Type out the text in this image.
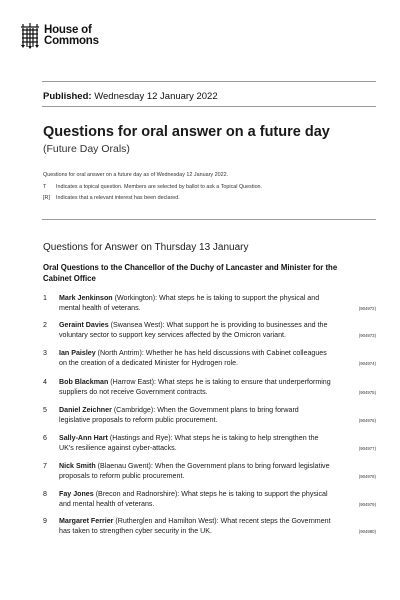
House of
Commons
Published: Wednesday 12 January 2022
Questions for oral answer on a future day
(Future Day Orals)
Questions for oral answer on a future day as of Wednesday 12 January 2022.
T Indicates a topical question. Members are selected by ballot to ask a Topical Question.
[R] Indicates that a relevant interest has been declared.
Questions for Answer on Thursday 13 January
Oral Questions to the Chancellor of the Duchy of Lancaster and Minister for the Cabinet Office
1	Mark Jenkinson (Workington): What steps he is taking to support the physical and mental health of veterans.	(904972)
2	Geraint Davies (Swansea West): What support he is providing to businesses and the voluntary sector to support key services affected by the Omicron variant.	(904973)
3	Ian Paisley (North Antrim): Whether he has held discussions with Cabinet colleagues on the creation of a dedicated Minister for Hydrogen role.	(904974)
4	Bob Blackman (Harrow East): What steps he is taking to ensure that underperforming suppliers do not receive Government contracts.	(904975)
5	Daniel Zeichner (Cambridge): When the Government plans to bring forward legislative proposals to reform public procurement.	(904976)
6	Sally-Ann Hart (Hastings and Rye): What steps he is taking to help strengthen the UK's resilience against cyber-attacks.	(904977)
7	Nick Smith (Blaenau Gwent): When the Government plans to bring forward legislative proposals to reform public procurement.	(904978)
8	Fay Jones (Brecon and Radnorshire): What steps he is taking to support the physical and mental health of veterans.	(904979)
9	Margaret Ferrier (Rutherglen and Hamilton West): What recent steps the Government has taken to strengthen cyber security in the UK.	(904980)
